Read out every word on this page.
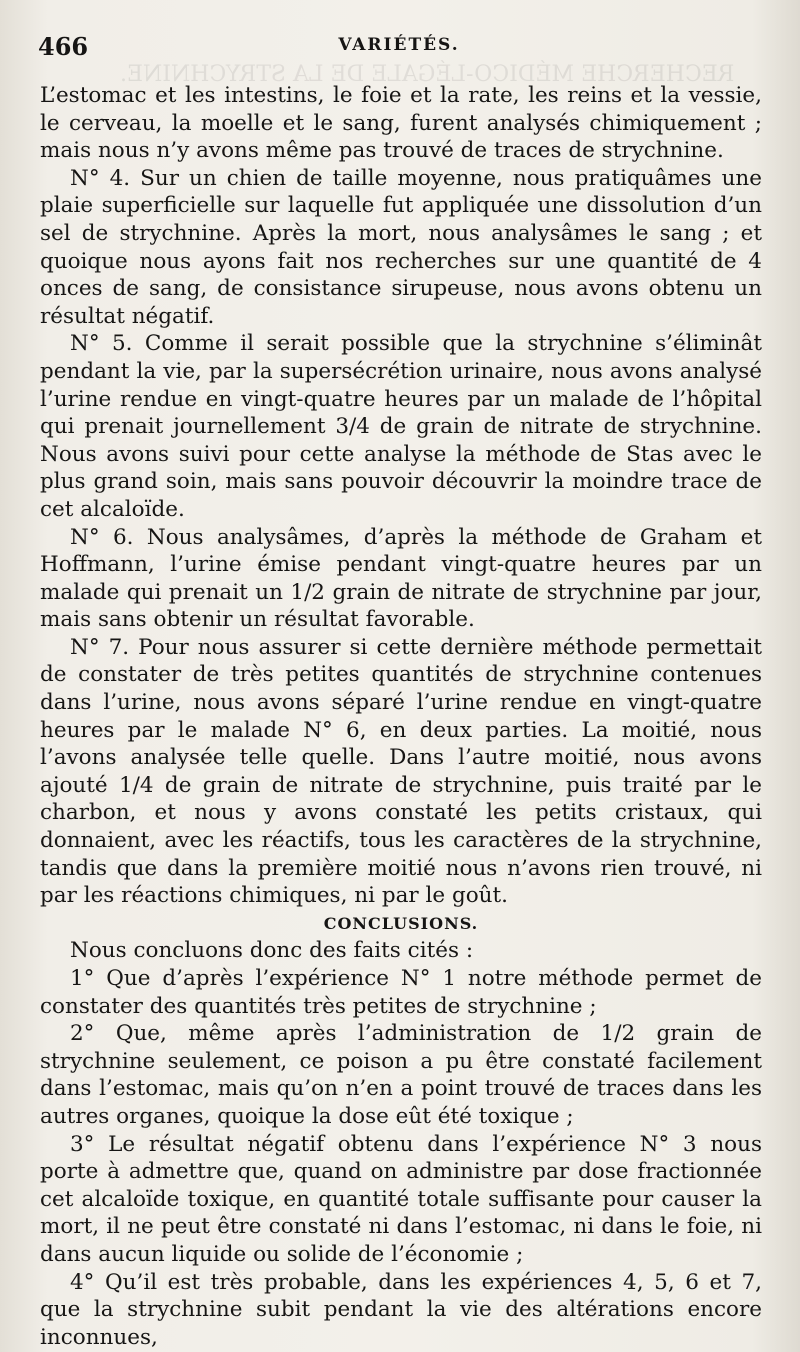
RECHERCHE MÉDICO-LÉGALE DE LA STRYCHNINE.
466	VARIÉTÉS.

L’estomac et les intestins, le foie et la rate, les reins et la vessie, le cerveau, la moelle et le sang, furent analysés chimiquement ; mais nous n’y avons même pas trouvé de traces de strychnine.

N° 4. Sur un chien de taille moyenne, nous pratiquâmes une plaie superficielle sur laquelle fut appliquée une dissolution d’un sel de strychnine. Après la mort, nous analysâmes le sang ; et quoique nous ayons fait nos recherches sur une quantité de 4 onces de sang, de consistance sirupeuse, nous avons obtenu un résultat négatif.

N° 5. Comme il serait possible que la strychnine s’éliminât pendant la vie, par la supersécrétion urinaire, nous avons analysé l’urine rendue en vingt-quatre heures par un malade de l’hôpital qui prenait journellement 3/4 de grain de nitrate de strychnine. Nous avons suivi pour cette analyse la méthode de Stas avec le plus grand soin, mais sans pouvoir découvrir la moindre trace de cet alcaloïde.

N° 6. Nous analysâmes, d’après la méthode de Graham et Hoffmann, l’urine émise pendant vingt-quatre heures par un malade qui prenait un 1/2 grain de nitrate de strychnine par jour, mais sans obtenir un résultat favorable.

N° 7. Pour nous assurer si cette dernière méthode permettait de constater de très petites quantités de strychnine contenues dans l’urine, nous avons séparé l’urine rendue en vingt-quatre heures par le malade N° 6, en deux parties. La moitié, nous l’avons analysée telle quelle. Dans l’autre moitié, nous avons ajouté 1/4 de grain de nitrate de strychnine, puis traité par le charbon, et nous y avons constaté les petits cristaux, qui donnaient, avec les réactifs, tous les caractères de la strychnine, tandis que dans la première moitié nous n’avons rien trouvé, ni par les réactions chimiques, ni par le goût.

CONCLUSIONS.

Nous concluons donc des faits cités :

1° Que d’après l’expérience N° 1 notre méthode permet de constater des quantités très petites de strychnine ;

2° Que, même après l’administration de 1/2 grain de strychnine seulement, ce poison a pu être constaté facilement dans l’estomac, mais qu’on n’en a point trouvé de traces dans les autres organes, quoique la dose eût été toxique ;

3° Le résultat négatif obtenu dans l’expérience N° 3 nous porte à admettre que, quand on administre par dose fractionnée cet alcaloïde toxique, en quantité totale suffisante pour causer la mort, il ne peut être constaté ni dans l’estomac, ni dans le foie, ni dans aucun liquide ou solide de l’économie ;

4° Qu’il est très probable, dans les expériences 4, 5, 6 et 7, que la strychnine subit pendant la vie des altérations encore inconnues,
